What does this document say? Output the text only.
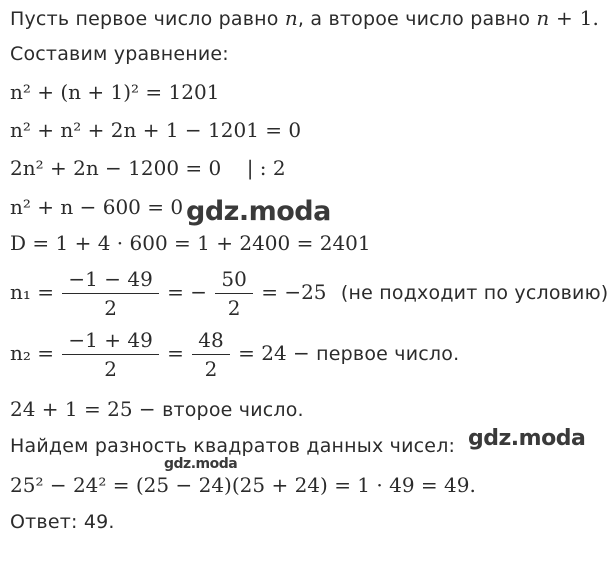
Пусть первое число равно n, а второе число равно n + 1.
Составим уравнение:
n² + (n + 1)² = 1201
n² + n² + 2n + 1 − 1201 = 0
2n² + 2n − 1200 = 0    | : 2
n² + n − 600 = 0
D = 1 + 4 · 600 = 1 + 2400 = 2401
$n_1 = \frac{-1 - 49}{2}$ = − $\frac{50}{2} = -25$ (не подходит по условию)
$n_2 = \frac{-1 + 49}{2} = \frac{48}{2} = 24$ − первое число.
24 + 1 = 25 − второе число.
Найдем разность квадратов данных чисел:
25² − 24² = (25 − 24)(25 + 24) = 1 · 49 = 49.
Ответ: 49.
gdz.moda
gdz.moda
gdz.moda
